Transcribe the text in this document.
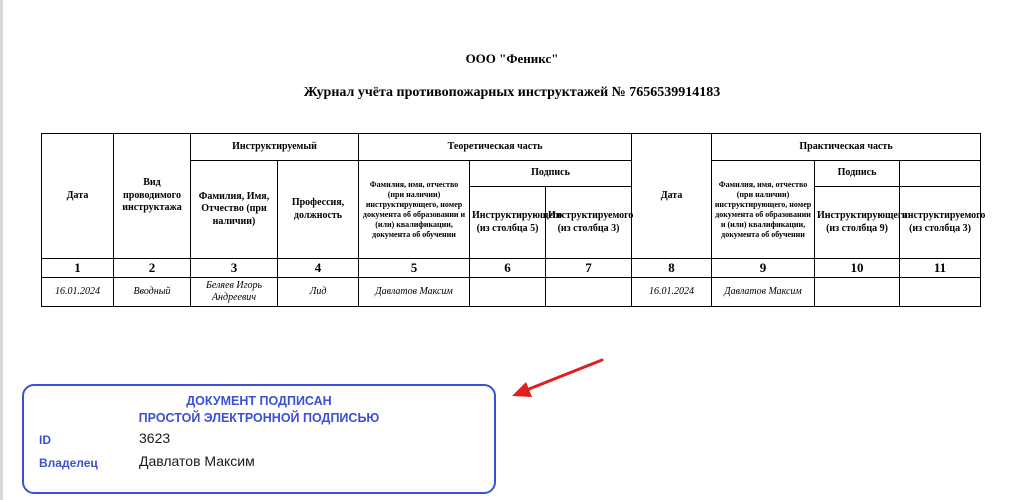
ООО "Феникс"
Журнал учёта противопожарных инструктажей № 7656539914183
Дата	Вид проводимого инструктажа	Инструктируемый		Теоретическая часть			Дата	Практическая часть		
		Фамилия, Имя, Отчество (при наличии)	Профессия, должность	Фамилия, имя, отчество (при наличии) инструктирующего, номер документа об образовании и (или) квалификации, документа об обучении	Подпись			Фамилия, имя, отчество (при наличии) инструктирующего, номер документа об образовании и (или) квалификации, документа об обучении	Подпись	
					Инструктирующего (из столбца 5)	Инструктируемого (из столбца 3)			Инструктирующего (из столбца 9)	инструктируемого (из столбца 3)
1	2	3	4	5	6	7	8	9	10	11
16.01.2024	Вводный	Беляев Игорь Андреевич	Лид	Давлатов Максим			16.01.2024	Давлатов Максим		
ДОКУМЕНТ ПОДПИСАН
ПРОСТОЙ ЭЛЕКТРОННОЙ ПОДПИСЬЮ
ID	3623
Владелец	Давлатов Максим
